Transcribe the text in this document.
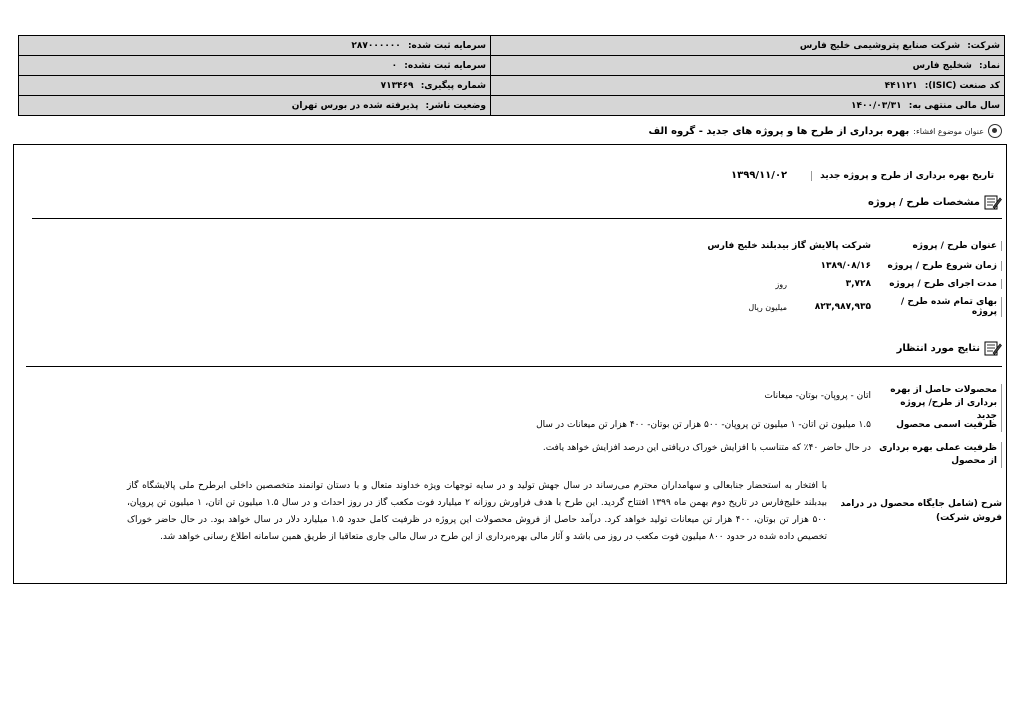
شرکت: شرکت صنایع پتروشیمی خلیج فارس	سرمایه ثبت شده: ۲۸۷۰۰۰۰۰۰
نماد: شخلیج فارس	سرمایه ثبت نشده: ۰
کد صنعت (ISIC): ۴۴۱۱۲۱	شماره پیگیری: ۷۱۳۴۶۹
سال مالی منتهی به: ۱۴۰۰/۰۳/۳۱	وضعیت ناشر: پذیرفته شده در بورس تهران
عنوان موضوع افشاء:
بهره برداری از طرح ها و پروژه های جدید - گروه الف
تاریخ بهره برداری از طرح و پروژه جدید
۱۳۹۹/۱۱/۰۲
مشخصات طرح / پروژه
عنوان طرح / پروژه
شرکت پالایش گاز بیدبلند خلیج فارس
زمان شروع طرح / پروژه
۱۳۸۹/۰۸/۱۶
مدت اجرای طرح / پروژه
۳,۷۲۸
روز
بهای تمام شده طرح / پروژه
۸۲۳,۹۸۷,۹۳۵
میلیون ریال
نتایج مورد انتظار
محصولات حاصل از بهره برداری از طرح/ پروژه جدید
اتان - پروپان- بوتان- میعانات
ظرفیت اسمی محصول
۱.۵ میلیون تن اتان- ۱ میلیون تن پروپان- ۵۰۰ هزار تن بوتان- ۴۰۰ هزار تن میعانات در سال
ظرفیت عملی بهره برداری از محصول
در حال حاضر ۴۰٪ که متناسب با افزایش خوراک دریافتی این درصد افزایش خواهد یافت.
شرح (شامل جایگاه محصول در درامد فروش شرکت)
با افتخار به استحضار جنابعالی و سهامداران محترم می‌رساند در سال جهش تولید و در سایه توجهات ویژه خداوند متعال و با دستان توانمند متخصصین داخلی ابرطرح ملی پالایشگاه گاز بیدبلند خلیج‌فارس در تاریخ دوم بهمن ماه ۱۳۹۹ افتتاح گردید. این طرح با هدف فراورش روزانه ۲ میلیارد فوت مکعب گاز در روز احداث و در سال ۱.۵ میلیون تن اتان، ۱ میلیون تن پروپان، ۵۰۰ هزار تن بوتان، ۴۰۰ هزار تن میعانات تولید خواهد کرد. درآمد حاصل از فروش محصولات این پروژه در ظرفیت کامل حدود ۱.۵ میلیارد دلار در سال خواهد بود. در حال حاضر خوراک تخصیص داده شده در حدود ۸۰۰ میلیون فوت مکعب در روز می باشد و آثار مالی بهره‌برداری از این طرح در سال مالی جاری متعاقبا از طریق همین سامانه اطلاع رسانی خواهد شد.
